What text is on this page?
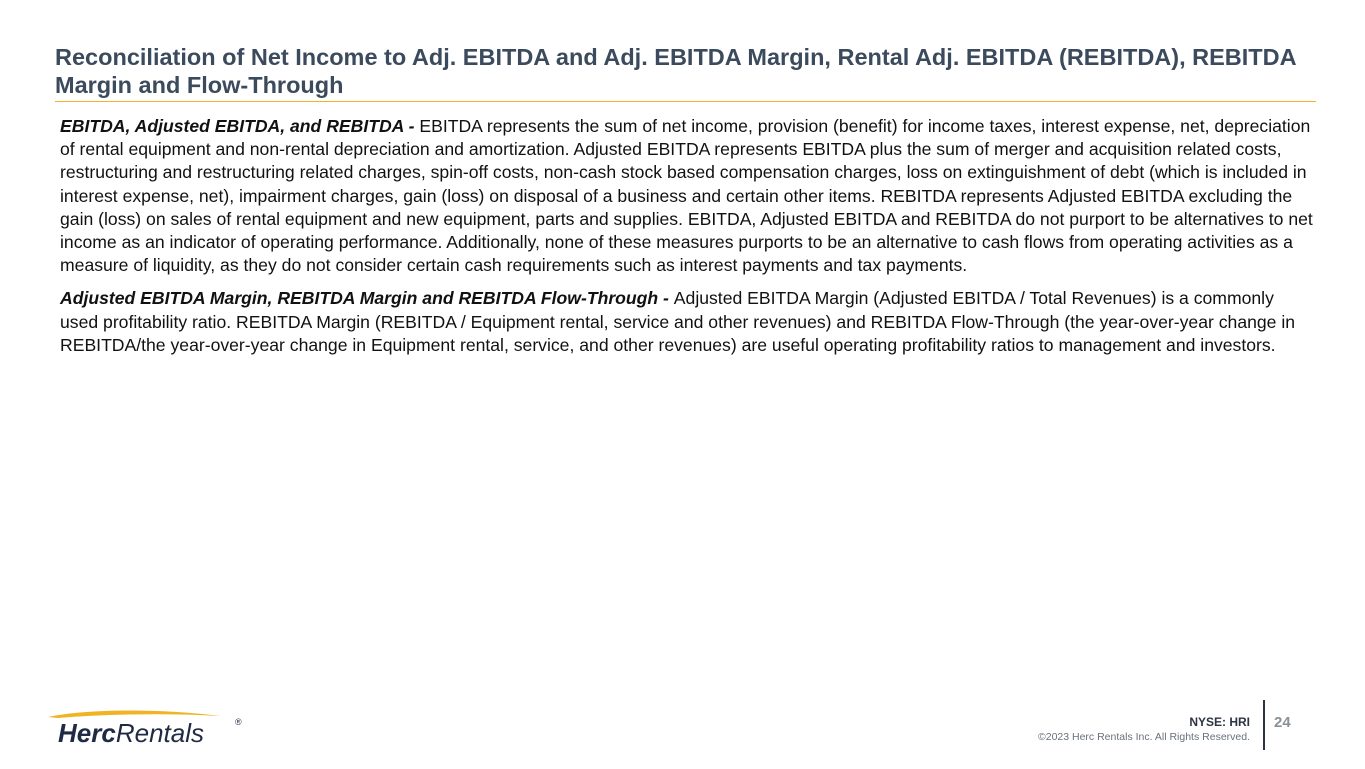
Reconciliation of Net Income to Adj. EBITDA and Adj. EBITDA Margin, Rental Adj. EBITDA (REBITDA), REBITDA Margin and Flow-Through

EBITDA, Adjusted EBITDA, and REBITDA - EBITDA represents the sum of net income, provision (benefit) for income taxes, interest expense, net, depreciation of rental equipment and non-rental depreciation and amortization. Adjusted EBITDA represents EBITDA plus the sum of merger and acquisition related costs, restructuring and restructuring related charges, spin-off costs, non-cash stock based compensation charges, loss on extinguishment of debt (which is included in interest expense, net), impairment charges, gain (loss) on disposal of a business and certain other items. REBITDA represents Adjusted EBITDA excluding the gain (loss) on sales of rental equipment and new equipment, parts and supplies. EBITDA, Adjusted EBITDA and REBITDA do not purport to be alternatives to net income as an indicator of operating performance. Additionally, none of these measures purports to be an alternative to cash flows from operating activities as a measure of liquidity, as they do not consider certain cash requirements such as interest payments and tax payments.

Adjusted EBITDA Margin, REBITDA Margin and REBITDA Flow-Through - Adjusted EBITDA Margin (Adjusted EBITDA / Total Revenues) is a commonly used profitability ratio. REBITDA Margin (REBITDA / Equipment rental, service and other revenues) and REBITDA Flow-Through (the year-over-year change in REBITDA/the year-over-year change in Equipment rental, service, and other revenues) are useful operating profitability ratios to management and investors.

HercRentals	®	NYSE: HRI
©2023 Herc Rentals Inc. All Rights Reserved.
24
